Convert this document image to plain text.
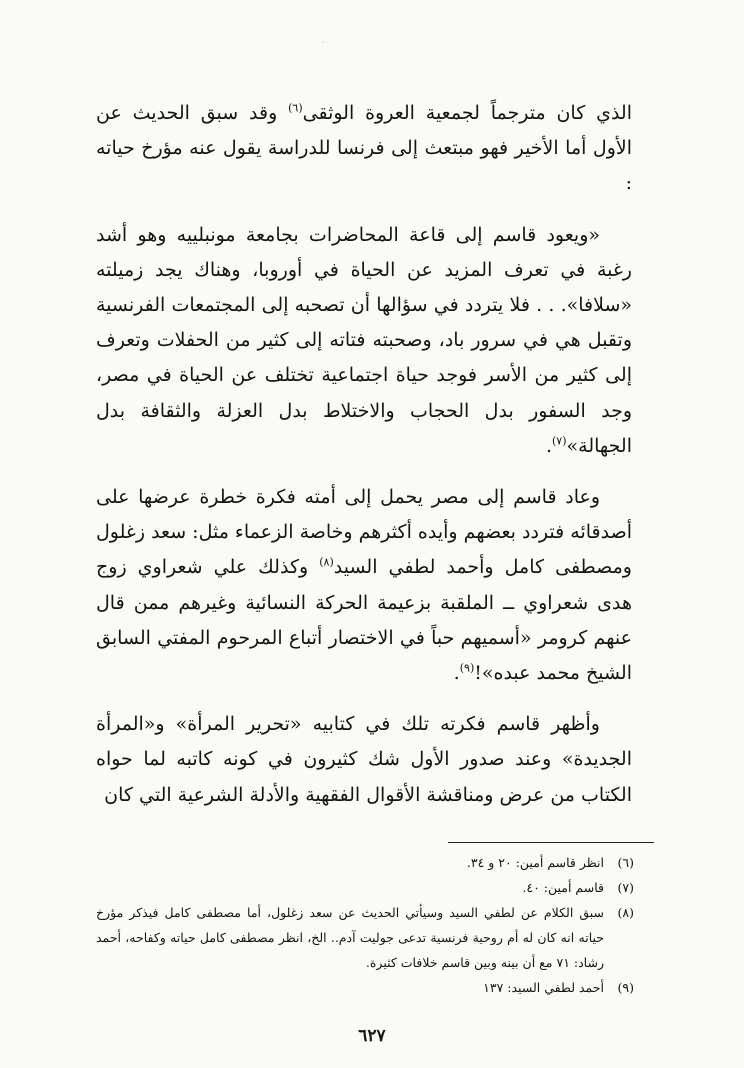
·

الذي كان مترجماً لجمعية العروة الوثقى$^{(٦)}$ وقد سبق الحديث عن الأول أما الأخير فهو مبتعث إلى فرنسا للدراسة يقول عنه مؤرخ حياته :

«ويعود قاسم إلى قاعة المحاضرات بجامعة مونبلييه وهو أشد رغبة في تعرف المزيد عن الحياة في أوروبا، وهناك يجد زميلته «سلافا». . . فلا يتردد في سؤالها أن تصحبه إلى المجتمعات الفرنسية وتقبل هي في سرور باد، وصحبته فتاته إلى كثير من الحفلات وتعرف إلى كثير من الأسر فوجد حياة اجتماعية تختلف عن الحياة في مصر، وجد السفور بدل الحجاب والاختلاط بدل العزلة والثقافة بدل الجهالة»$^{(٧)}$.

وعاد قاسم إلى مصر يحمل إلى أمته فكرة خطرة عرضها على أصدقائه فتردد بعضهم وأيده أكثرهم وخاصة الزعماء مثل: سعد زغلول ومصطفى كامل وأحمد لطفي السيد$^{(٨)}$ وكذلك علي شعراوي زوج هدى شعراوي ــ الملقبة بزعيمة الحركة النسائية وغيرهم ممن قال عنهم كرومر «أسميهم حباً في الاختصار أتباع المرحوم المفتي السابق الشيخ محمد عبده»!$^{(٩)}$.

وأظهر قاسم فكرته تلك في كتابيه «تحرير المرأة» و«المرأة الجديدة» وعند صدور الأول شك كثيرون في كونه كاتبه لما حواه الكتاب من عرض ومناقشة الأقوال الفقهية والأدلة الشرعية التي كان

(٦)
انظر قاسم أمين: ٢٠ و ٣٤.
(٧)
قاسم أمين: ٤٠.
(٨)
سبق الكلام عن لطفي السيد وسيأتي الحديث عن سعد زغلول، أما مصطفى كامل فيذكر مؤرخ حياته انه كان له أم روحية فرنسية تدعى جوليت آدم.. الخ، انظر مصطفى كامل حياته وكفاحه، أحمد رشاد: ٧١ مع أن بينه وبين قاسم خلافات كثيرة.
(٩)
أحمد لطفي السيد: ١٣٧
٦٢٧
